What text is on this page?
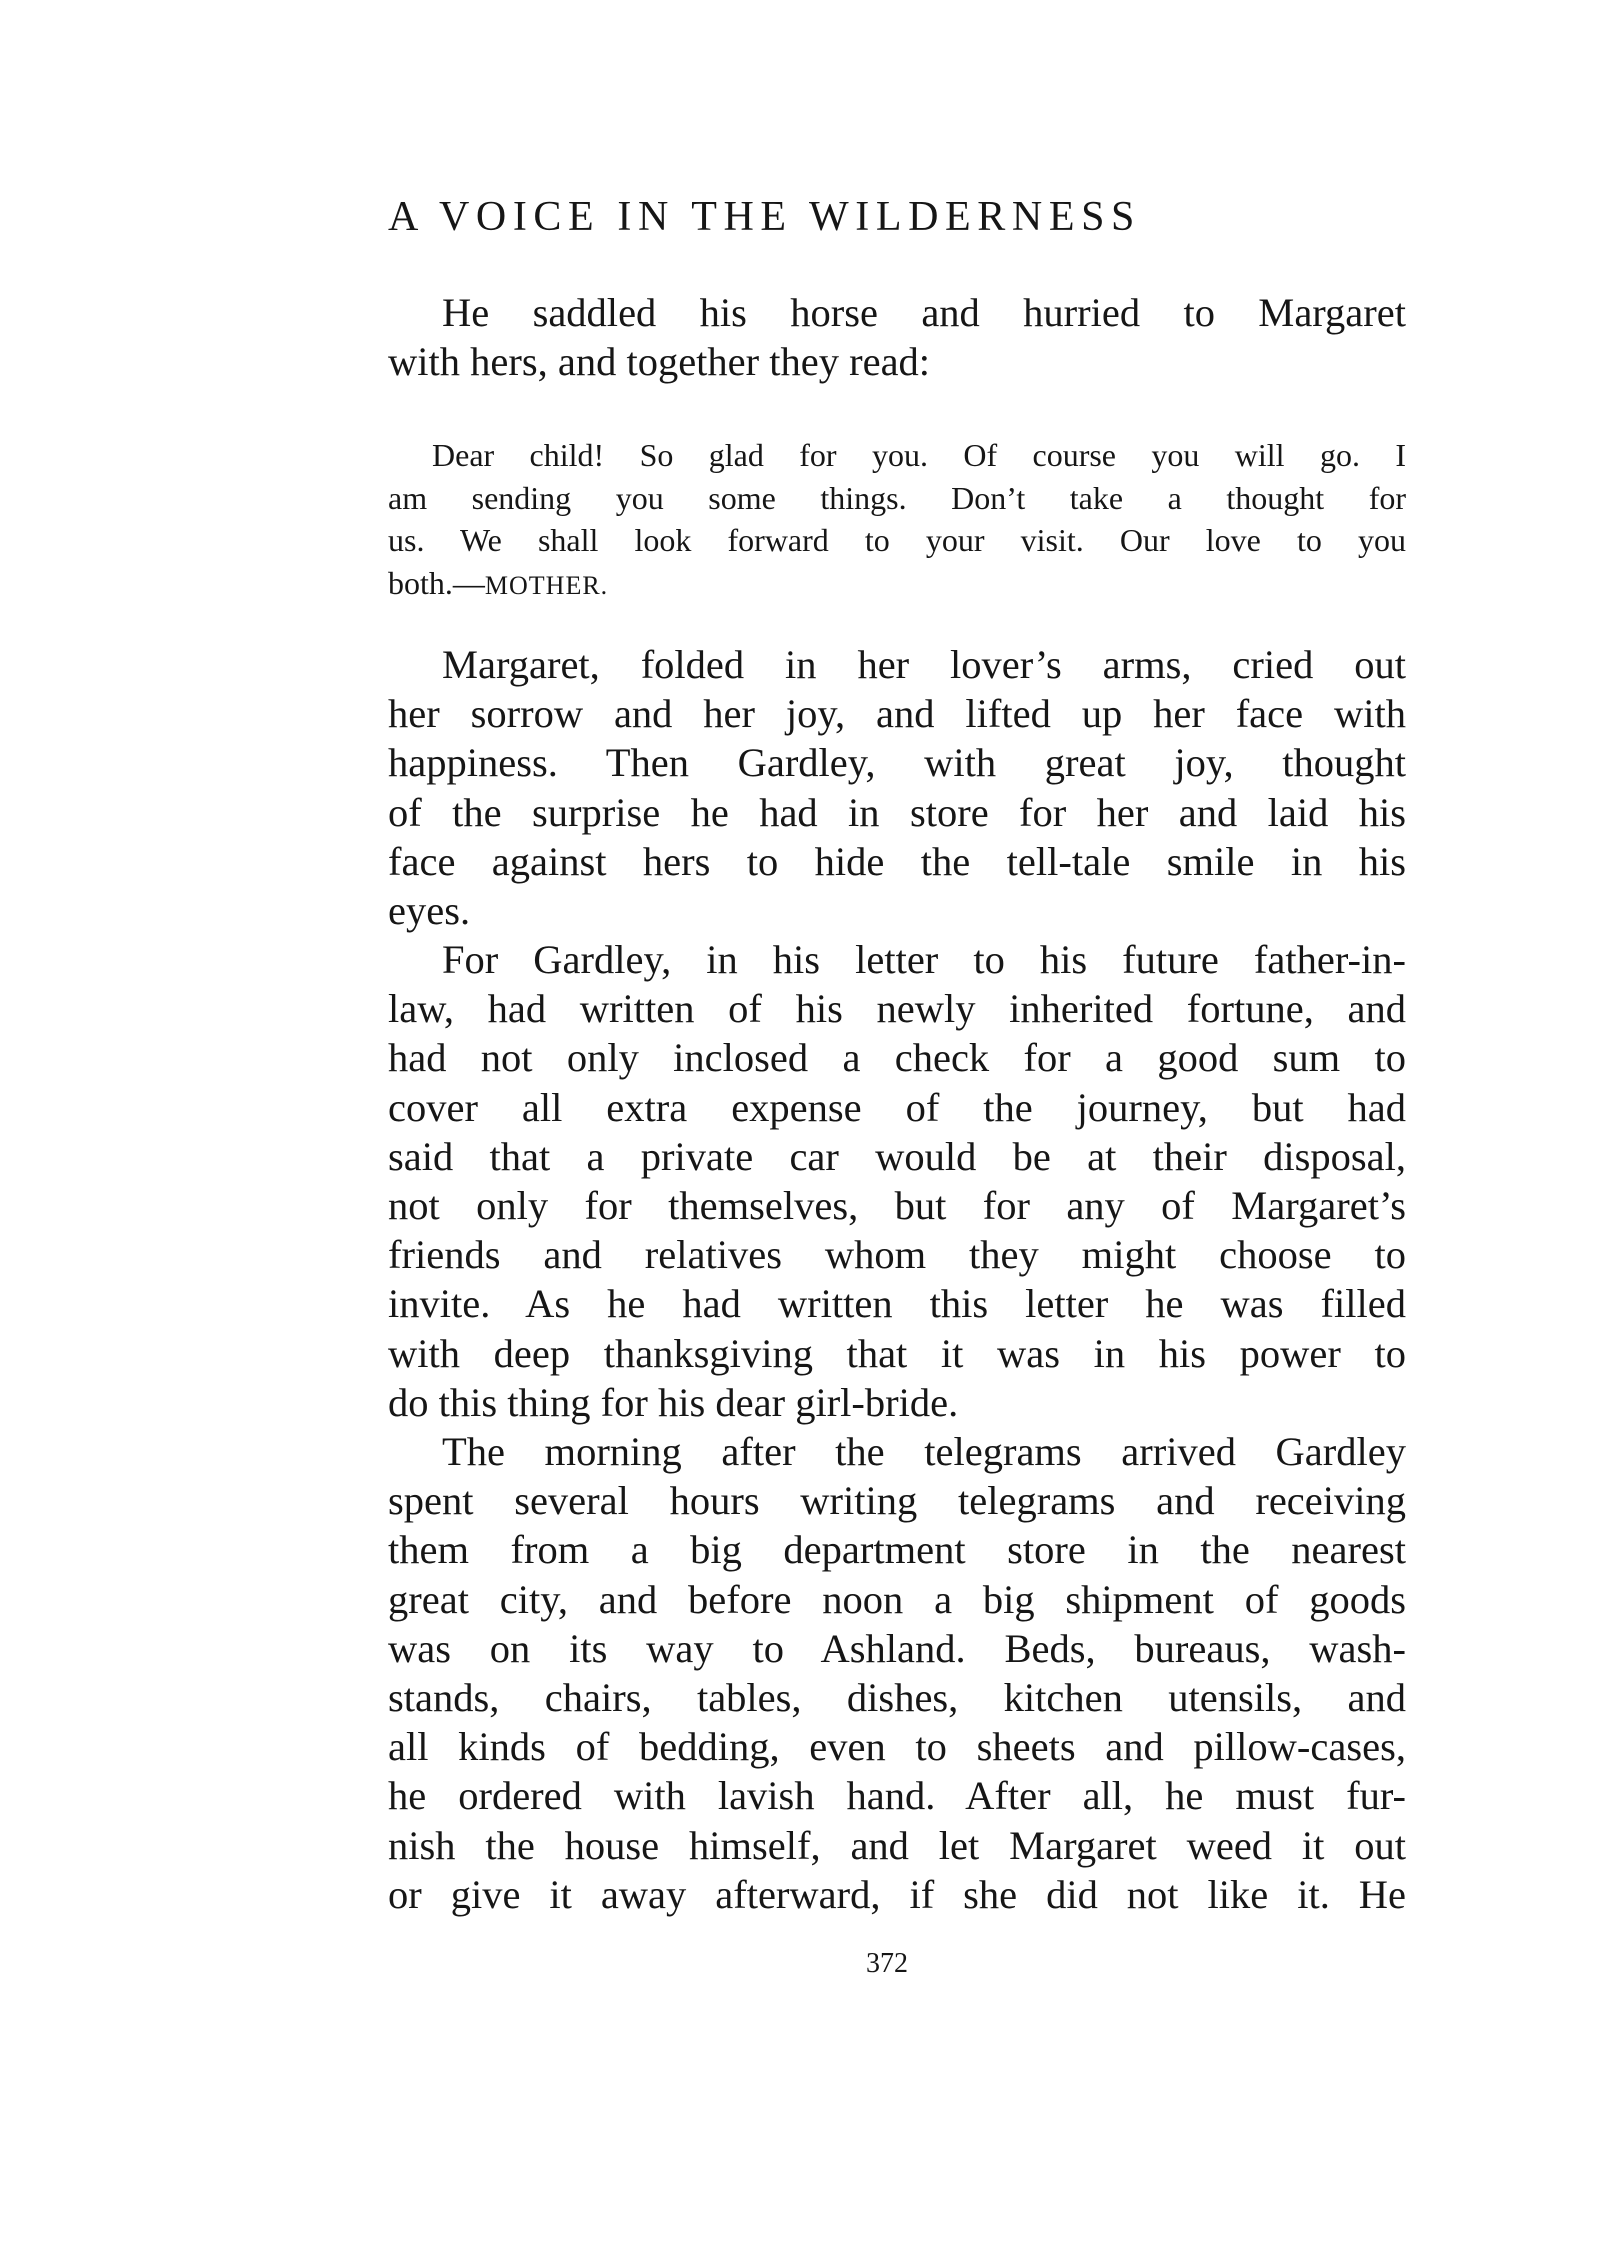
A VOICE IN THE WILDERNESS
He saddled his horse and hurried to Margaret
with hers, and together they read:
Dear child! So glad for you. Of course you will go. I
am sending you some things. Don’t take a thought for
us. We shall look forward to your visit. Our love to you
both.—MOTHER.
Margaret, folded in her lover’s arms, cried out
her sorrow and her joy, and lifted up her face with
happiness. Then Gardley, with great joy, thought
of the surprise he had in store for her and laid his
face against hers to hide the tell-tale smile in his
eyes.
For Gardley, in his letter to his future father-in-
law, had written of his newly inherited fortune, and
had not only inclosed a check for a good sum to
cover all extra expense of the journey, but had
said that a private car would be at their disposal,
not only for themselves, but for any of Margaret’s
friends and relatives whom they might choose to
invite. As he had written this letter he was filled
with deep thanksgiving that it was in his power to
do this thing for his dear girl-bride.
The morning after the telegrams arrived Gardley
spent several hours writing telegrams and receiving
them from a big department store in the nearest
great city, and before noon a big shipment of goods
was on its way to Ashland. Beds, bureaus, wash-
stands, chairs, tables, dishes, kitchen utensils, and
all kinds of bedding, even to sheets and pillow-cases,
he ordered with lavish hand. After all, he must fur-
nish the house himself, and let Margaret weed it out
or give it away afterward, if she did not like it. He

372
